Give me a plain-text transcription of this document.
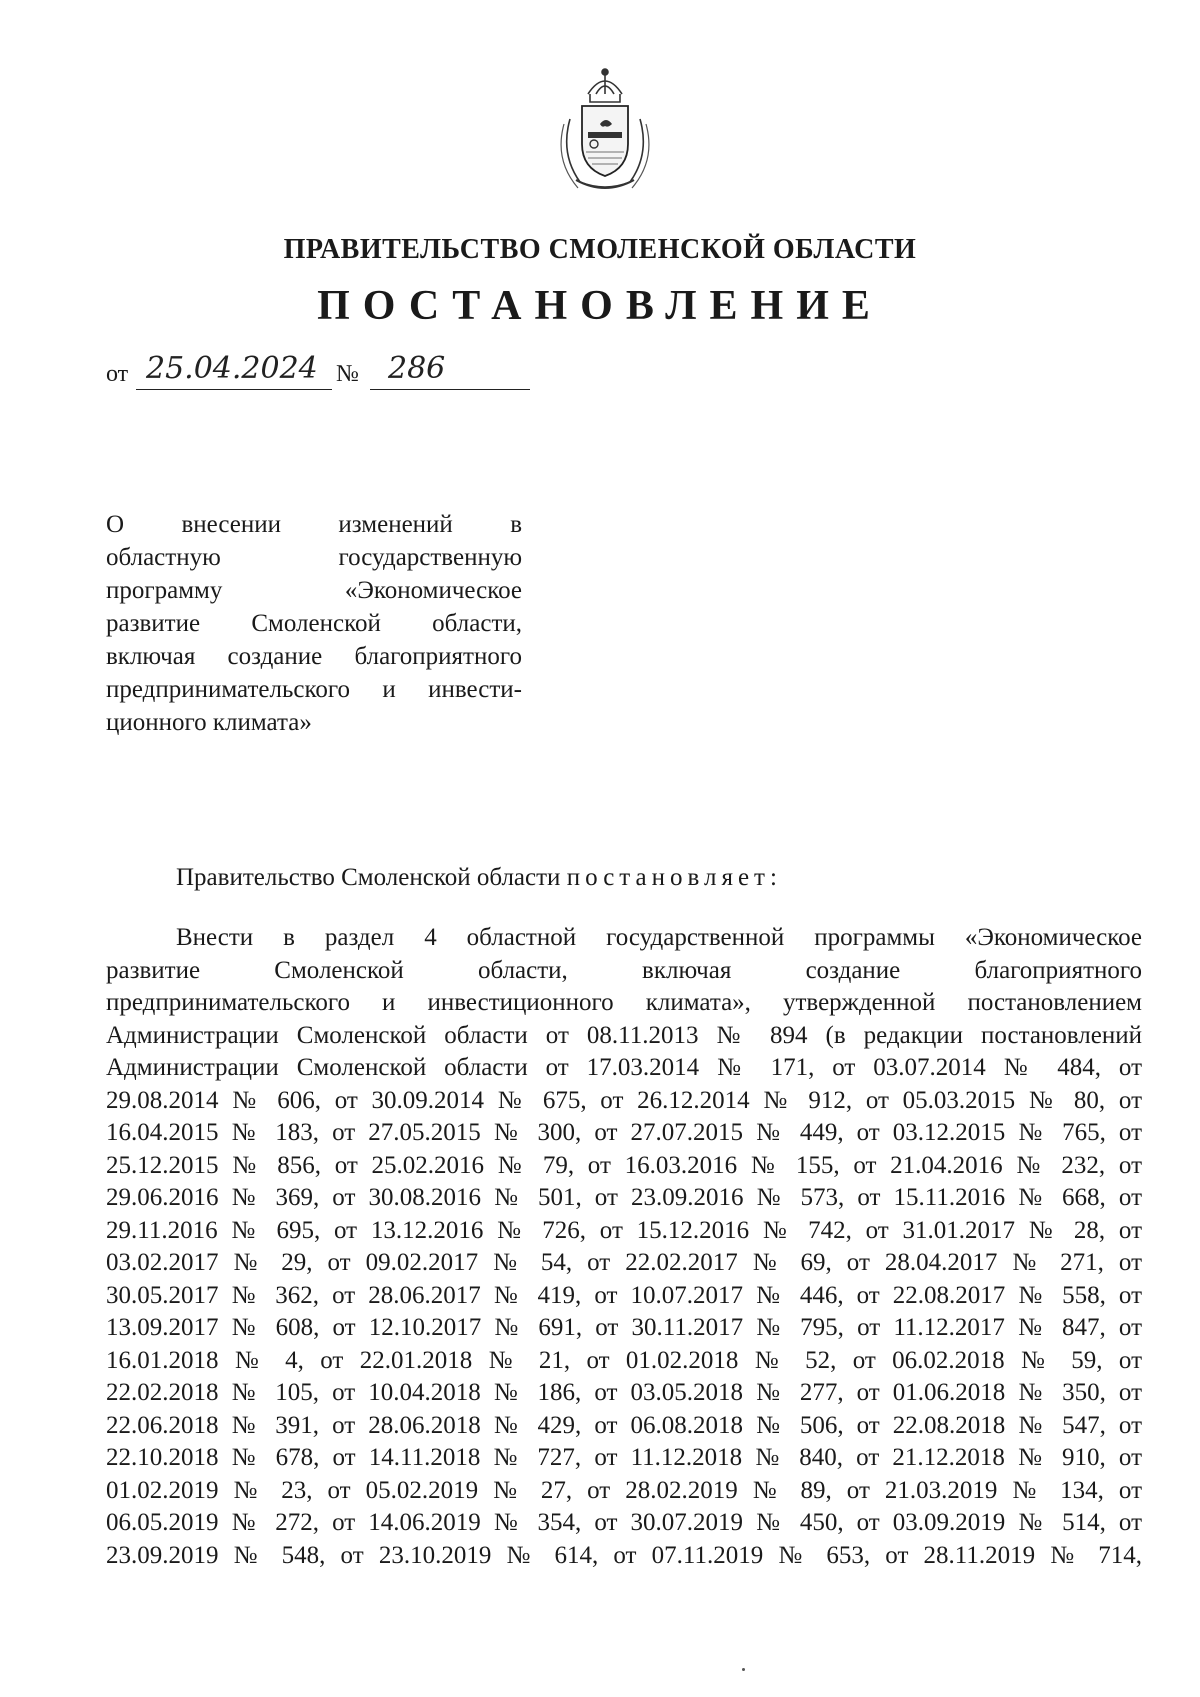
ПРАВИТЕЛЬСТВО СМОЛЕНСКОЙ ОБЛАСТИ
ПОСТАНОВЛЕНИЕ
от 25.04.2024 № 286
О внесении изменений в
областную государственную
программу «Экономическое
развитие Смоленской области,
включая создание благоприятного
предпринимательского и инвести-
ционного климата»
Правительство Смоленской области постановляет:
Внести в раздел 4 областной государственной программы «Экономическое
развитие Смоленской области, включая создание благоприятного
предпринимательского и инвестиционного климата», утвержденной постановлением
Администрации Смоленской области от 08.11.2013 № 894 (в редакции постановлений
Администрации Смоленской области от 17.03.2014 № 171, от 03.07.2014 № 484, от
29.08.2014 № 606, от 30.09.2014 № 675, от 26.12.2014 № 912, от 05.03.2015 № 80, от
16.04.2015 № 183, от 27.05.2015 № 300, от 27.07.2015 № 449, от 03.12.2015 № 765, от
25.12.2015 № 856, от 25.02.2016 № 79, от 16.03.2016 № 155, от 21.04.2016 № 232, от
29.06.2016 № 369, от 30.08.2016 № 501, от 23.09.2016 № 573, от 15.11.2016 № 668, от
29.11.2016 № 695, от 13.12.2016 № 726, от 15.12.2016 № 742, от 31.01.2017 № 28, от
03.02.2017 № 29, от 09.02.2017 № 54, от 22.02.2017 № 69, от 28.04.2017 № 271, от
30.05.2017 № 362, от 28.06.2017 № 419, от 10.07.2017 № 446, от 22.08.2017 № 558, от
13.09.2017 № 608, от 12.10.2017 № 691, от 30.11.2017 № 795, от 11.12.2017 № 847, от
16.01.2018 № 4, от 22.01.2018 № 21, от 01.02.2018 № 52, от 06.02.2018 № 59, от
22.02.2018 № 105, от 10.04.2018 № 186, от 03.05.2018 № 277, от 01.06.2018 № 350, от
22.06.2018 № 391, от 28.06.2018 № 429, от 06.08.2018 № 506, от 22.08.2018 № 547, от
22.10.2018 № 678, от 14.11.2018 № 727, от 11.12.2018 № 840, от 21.12.2018 № 910, от
01.02.2019 № 23, от 05.02.2019 № 27, от 28.02.2019 № 89, от 21.03.2019 № 134, от
06.05.2019 № 272, от 14.06.2019 № 354, от 30.07.2019 № 450, от 03.09.2019 № 514, от
23.09.2019 № 548, от 23.10.2019 № 614, от 07.11.2019 № 653, от 28.11.2019 № 714,
